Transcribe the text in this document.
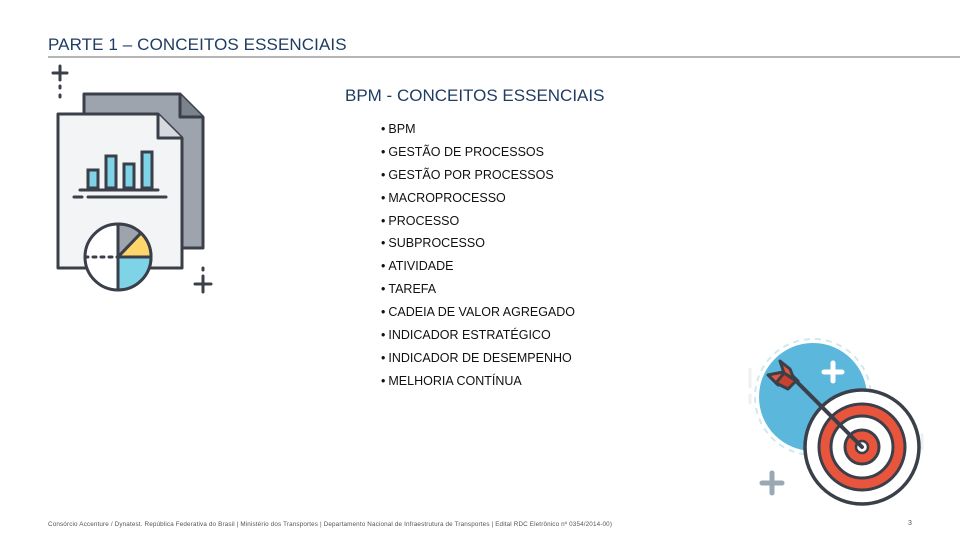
PARTE 1 – CONCEITOS ESSENCIAIS
BPM - CONCEITOS ESSENCIAIS
• BPM
• GESTÃO DE PROCESSOS
• GESTÃO POR PROCESSOS
• MACROPROCESSO
• PROCESSO
• SUBPROCESSO
• ATIVIDADE
• TAREFA
• CADEIA DE VALOR AGREGADO
• INDICADOR ESTRATÉGICO
• INDICADOR DE DESEMPENHO
• MELHORIA CONTÍNUA
Consórcio Accenture / Dynatest. República Federativa do Brasil | Ministério dos Transportes | Departamento Nacional de Infraestrutura de Transportes | Edital RDC Eletrônico nº 0354/2014-00)	3
